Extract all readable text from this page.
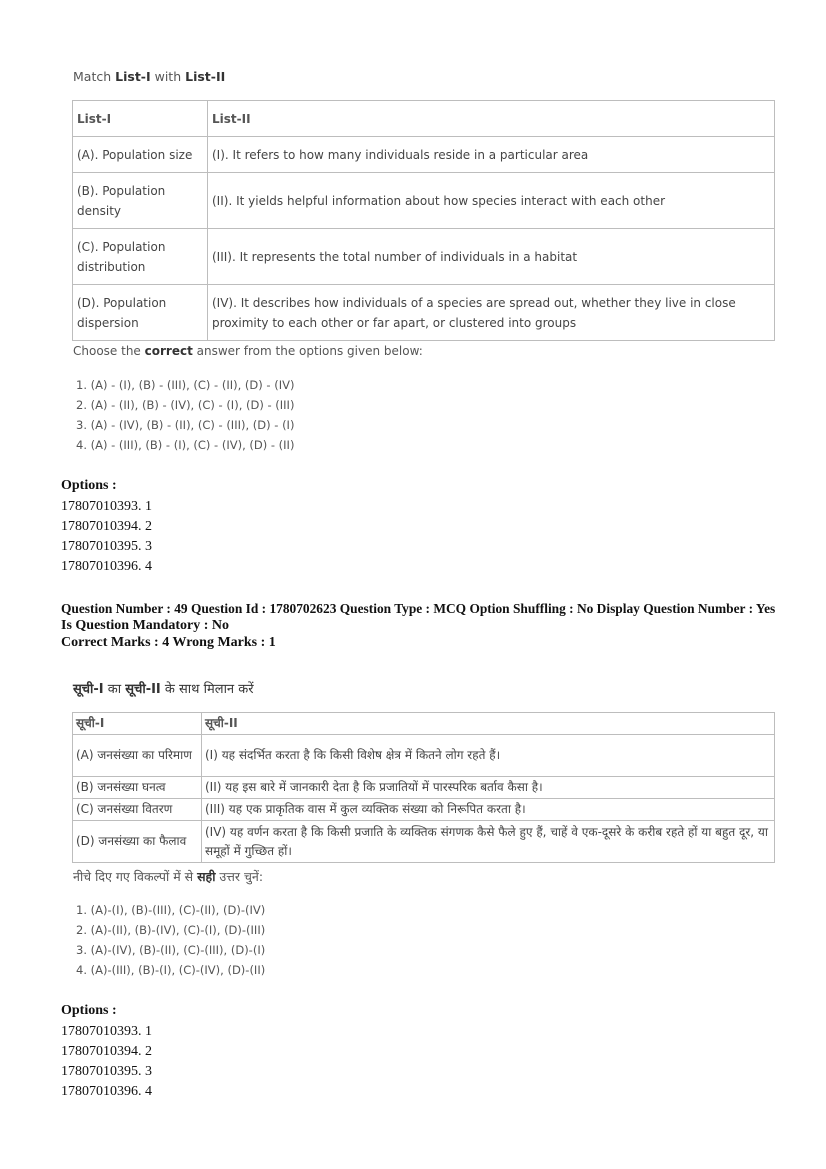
Match List-I with List-II
List-I	List-II
(A). Population size	(I). It refers to how many individuals reside in a particular area
(B). Population density	(II). It yields helpful information about how species interact with each other
(C). Population distribution	(III). It represents the total number of individuals in a habitat
(D). Population dispersion	(IV). It describes how individuals of a species are spread out, whether they live in close proximity to each other or far apart, or clustered into groups
Choose the correct answer from the options given below:
1. (A) - (I), (B) - (III), (C) - (II), (D) - (IV)
2. (A) - (II), (B) - (IV), (C) - (I), (D) - (III)
3. (A) - (IV), (B) - (II), (C) - (III), (D) - (I)
4. (A) - (III), (B) - (I), (C) - (IV), (D) - (II)
Options :
17807010393. 1
17807010394. 2
17807010395. 3
17807010396. 4
Question Number : 49 Question Id : 1780702623 Question Type : MCQ Option Shuffling : No Display Question Number : Yes
Is Question Mandatory : No
Correct Marks : 4 Wrong Marks : 1
सूची-I का सूची-II के साथ मिलान करें
सूची-I	सूची-II
(A) जनसंख्या का परिमाण	(I) यह संदर्भित करता है कि किसी विशेष क्षेत्र में कितने लोग रहते हैं।
(B) जनसंख्या घनत्व	(II) यह इस बारे में जानकारी देता है कि प्रजातियों में पारस्परिक बर्ताव कैसा है।
(C) जनसंख्या वितरण	(III) यह एक प्राकृतिक वास में कुल व्यक्तिक संख्या को निरूपित करता है।
(D) जनसंख्या का फैलाव	(IV) यह वर्णन करता है कि किसी प्रजाति के व्यक्तिक संगणक कैसे फैले हुए हैं, चाहें वे एक-दूसरे के करीब रहते हों या बहुत दूर, या समूहों में गुच्छित हों।
नीचे दिए गए विकल्पों में से सही उत्तर चुनें:
1. (A)-(I), (B)-(III), (C)-(II), (D)-(IV)
2. (A)-(II), (B)-(IV), (C)-(I), (D)-(III)
3. (A)-(IV), (B)-(II), (C)-(III), (D)-(I)
4. (A)-(III), (B)-(I), (C)-(IV), (D)-(II)
Options :
17807010393. 1
17807010394. 2
17807010395. 3
17807010396. 4
